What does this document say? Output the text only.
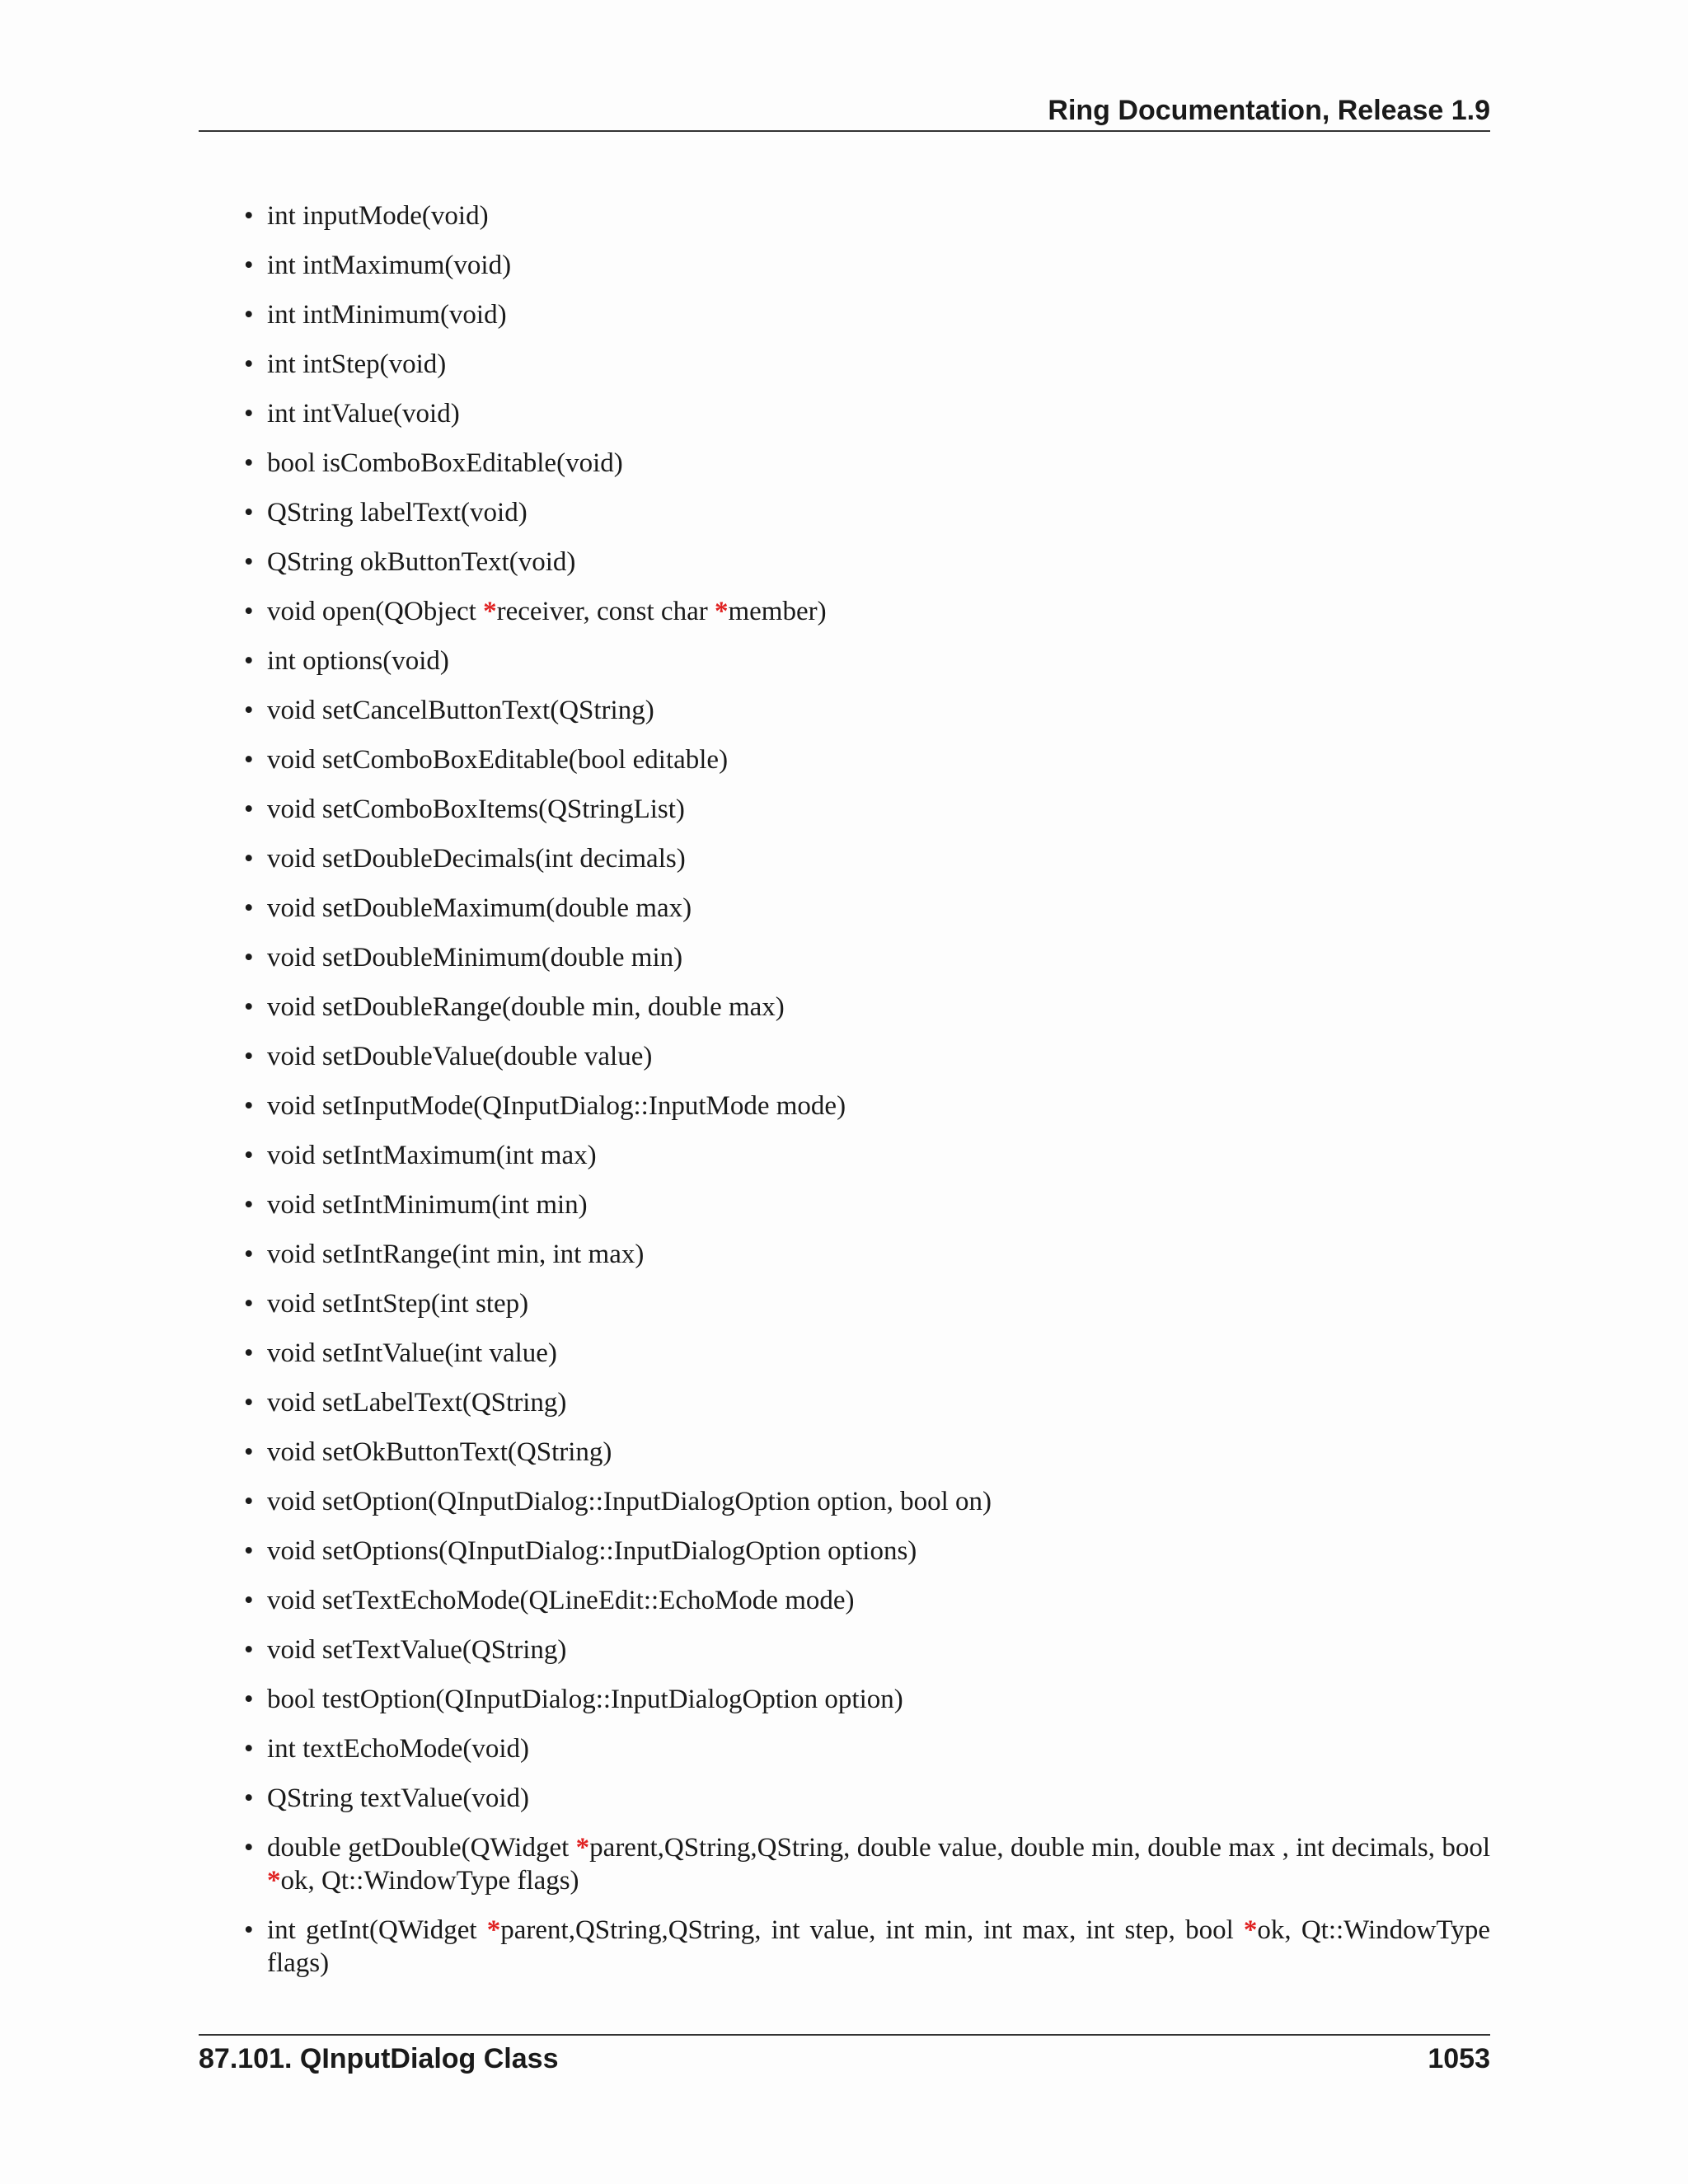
Ring Documentation, Release 1.9
• int inputMode(void)
• int intMaximum(void)
• int intMinimum(void)
• int intStep(void)
• int intValue(void)
• bool isComboBoxEditable(void)
• QString labelText(void)
• QString okButtonText(void)
• void open(QObject *receiver, const char *member)
• int options(void)
• void setCancelButtonText(QString)
• void setComboBoxEditable(bool editable)
• void setComboBoxItems(QStringList)
• void setDoubleDecimals(int decimals)
• void setDoubleMaximum(double max)
• void setDoubleMinimum(double min)
• void setDoubleRange(double min, double max)
• void setDoubleValue(double value)
• void setInputMode(QInputDialog::InputMode mode)
• void setIntMaximum(int max)
• void setIntMinimum(int min)
• void setIntRange(int min, int max)
• void setIntStep(int step)
• void setIntValue(int value)
• void setLabelText(QString)
• void setOkButtonText(QString)
• void setOption(QInputDialog::InputDialogOption option, bool on)
• void setOptions(QInputDialog::InputDialogOption options)
• void setTextEchoMode(QLineEdit::EchoMode mode)
• void setTextValue(QString)
• bool testOption(QInputDialog::InputDialogOption option)
• int textEchoMode(void)
• QString textValue(void)
• double getDouble(QWidget *parent,QString,QString, double value, double min, double max , int decimals, bool *ok, Qt::WindowType flags)
• int getInt(QWidget *parent,QString,QString, int value, int min, int max, int step, bool *ok, Qt::WindowType flags)
87.101. QInputDialog Class	1053
